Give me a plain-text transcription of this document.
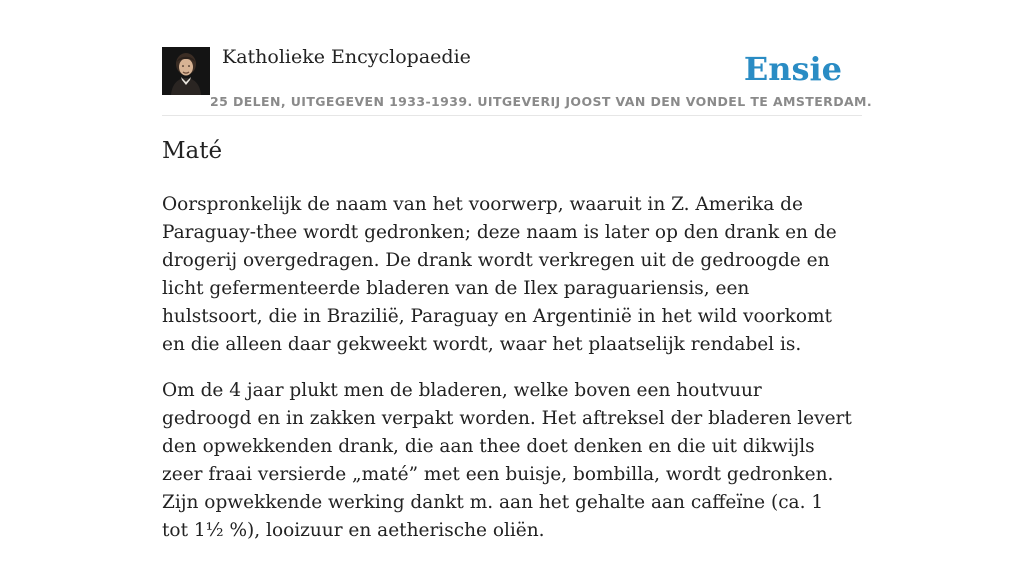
Katholieke Encyclopaedie
25 DELEN, UITGEGEVEN 1933-1939. UITGEVERIJ JOOST VAN DEN VONDEL TE AMSTERDAM.
Ensie
Maté

Oorspronkelijk de naam van het voorwerp, waaruit in Z. Amerika de Paraguay-thee wordt gedronken; deze naam is later op den drank en de drogerij overgedragen. De drank wordt verkregen uit de gedroogde en licht gefermenteerde bladeren van de Ilex paraguariensis, een hulstsoort, die in Brazilië, Paraguay en Argentinië in het wild voorkomt en die alleen daar gekweekt wordt, waar het plaatselijk rendabel is.

Om de 4 jaar plukt men de bladeren, welke boven een houtvuur gedroogd en in zakken verpakt worden. Het aftreksel der bladeren levert den opwekkenden drank, die aan thee doet denken en die uit dikwijls zeer fraai versierde „maté” met een buisje, bombilla, wordt gedronken. Zijn opwekkende werking dankt m. aan het gehalte aan caffeïne (ca. 1 tot 1½ %), looizuur en aetherische oliën.
